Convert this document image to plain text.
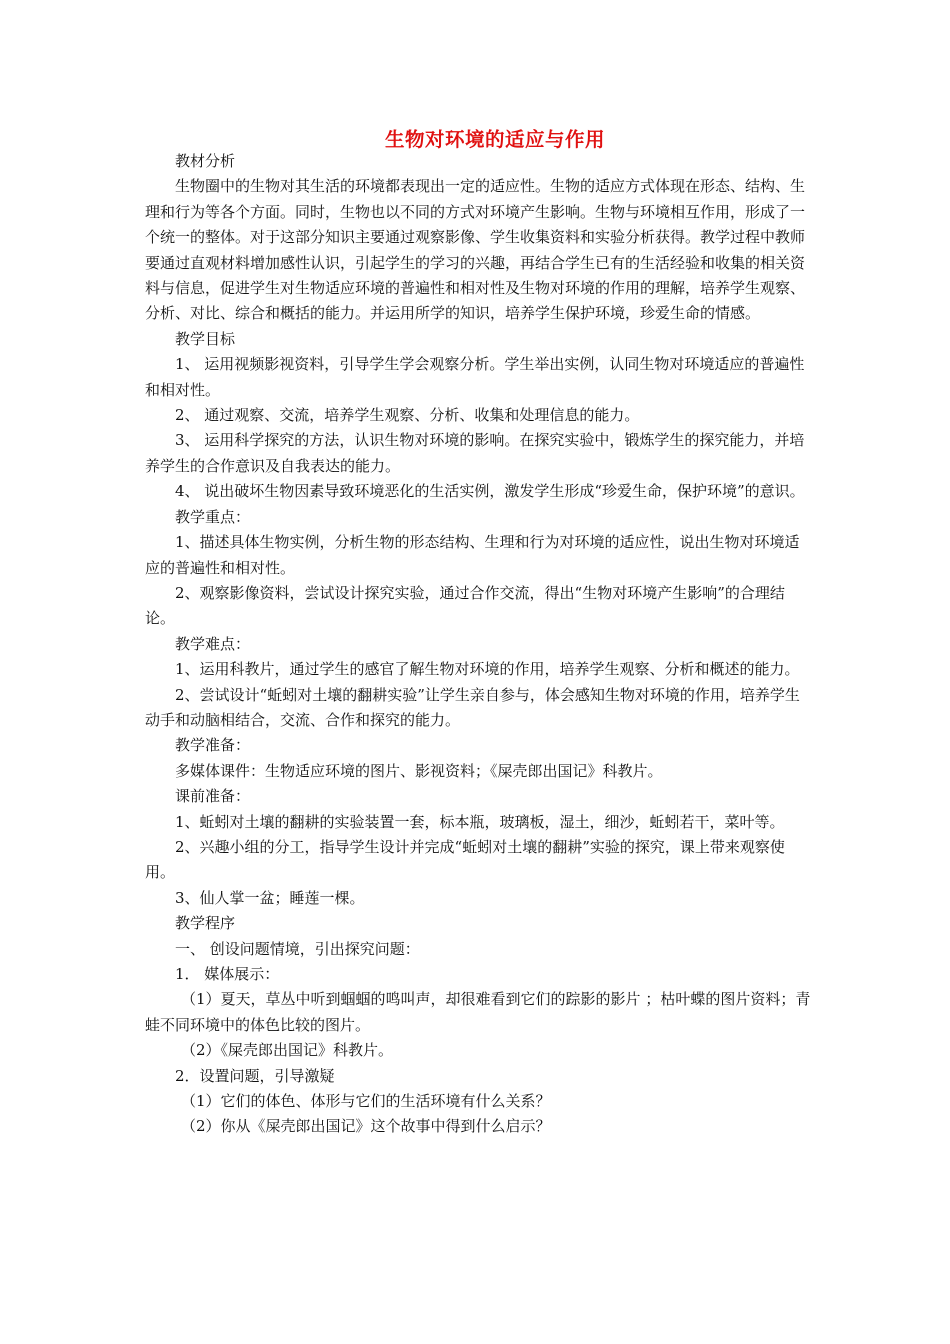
生物对环境的适应与作用

教材分析

生物圈中的生物对其生活的环境都表现出一定的适应性。生物的适应方式体现在形态、结构、生理和行为等各个方面。同时，生物也以不同的方式对环境产生影响。生物与环境相互作用，形成了一个统一的整体。对于这部分知识主要通过观察影像、学生收集资料和实验分析获得。教学过程中教师要通过直观材料增加感性认识，引起学生的学习的兴趣，再结合学生已有的生活经验和收集的相关资料与信息，促进学生对生物适应环境的普遍性和相对性及生物对环境的作用的理解，培养学生观察、分析、对比、综合和概括的能力。并运用所学的知识，培养学生保护环境，珍爱生命的情感。

教学目标

1、 运用视频影视资料，引导学生学会观察分析。学生举出实例，认同生物对环境适应的普遍性和相对性。

2、 通过观察、交流，培养学生观察、分析、收集和处理信息的能力。

3、 运用科学探究的方法，认识生物对环境的影响。在探究实验中，锻炼学生的探究能力，并培养学生的合作意识及自我表达的能力。

4、 说出破坏生物因素导致环境恶化的生活实例，激发学生形成“珍爱生命，保护环境”的意识。

教学重点：

1、描述具体生物实例，分析生物的形态结构、生理和行为对环境的适应性，说出生物对环境适应的普遍性和相对性。

2、观察影像资料，尝试设计探究实验，通过合作交流，得出“生物对环境产生影响”的合理结论。

教学难点：

1、运用科教片，通过学生的感官了解生物对环境的作用，培养学生观察、分析和概述的能力。

2、尝试设计“蚯蚓对土壤的翻耕实验”让学生亲自参与，体会感知生物对环境的作用，培养学生动手和动脑相结合，交流、合作和探究的能力。

教学准备：

多媒体课件：生物适应环境的图片、影视资料；《屎壳郎出国记》科教片。

课前准备：

1、蚯蚓对土壤的翻耕的实验装置一套，标本瓶，玻璃板，湿土，细沙，蚯蚓若干，菜叶等。

2、兴趣小组的分工，指导学生设计并完成“蚯蚓对土壤的翻耕”实验的探究，课上带来观察使用。

3、仙人掌一盆；睡莲一棵。

教学程序

一、 创设问题情境，引出探究问题：

1． 媒体展示：

（1）夏天，草丛中听到蝈蝈的鸣叫声，却很难看到它们的踪影的影片 ；枯叶蝶的图片资料；青蛙不同环境中的体色比较的图片。

（2）《屎壳郎出国记》科教片。

2．设置问题，引导激疑

（1）它们的体色、体形与它们的生活环境有什么关系？

（2）你从《屎壳郎出国记》这个故事中得到什么启示？
